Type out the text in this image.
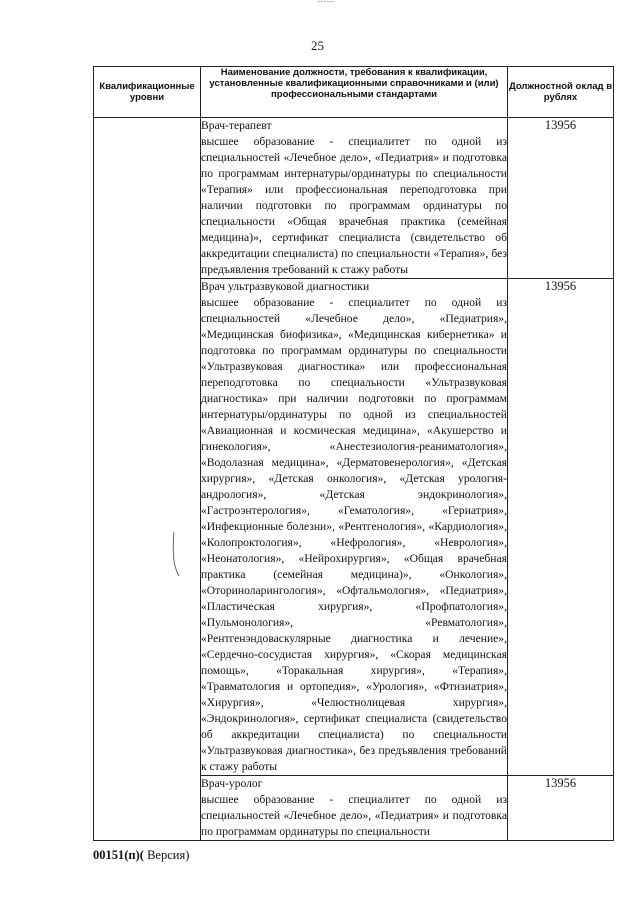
25
Квалификационные уровни	Наименование должности, требования к квалификации, установленные квалификационными справочниками и (или) профессиональными стандартами	Должностной оклад в рублях

	Врач-терапевт
высшее образование - специалитет по одной из специальностей «Лечебное дело», «Педиатрия» и подготовка по программам интернатуры/ординатуры по специальности «Терапия» или профессиональная переподготовка при наличии подготовки по программам ординатуры по специальности «Общая врачебная практика (семейная медицина)», сертификат специалиста (свидетельство об аккредитации специалиста) по специальности «Терапия», без предъявления требований к стажу работы	13956

	Врач ультразвуковой диагностики
высшее образование - специалитет по одной из специальностей «Лечебное дело», «Педиатрия», «Медицинская биофизика», «Медицинская кибернетика» и подготовка по программам ординатуры по специальности «Ультразвуковая диагностика» или профессиональная переподготовка по специальности «Ультразвуковая диагностика» при наличии подготовки по программам интернатуры/ординатуры по одной из специальностей «Авиационная и космическая медицина», «Акушерство и гинекология», «Анестезиология-реаниматология», «Водолазная медицина», «Дерматовенерология», «Детская хирургия», «Детская онкология», «Детская урология-андрология», «Детская эндокринология», «Гастроэнтерология», «Гематология», «Гериатрия», «Инфекционные болезни», «Рентгенология», «Кардиология», «Колопроктология», «Нефрология», «Неврология», «Неонатология», «Нейрохирургия», «Общая врачебная практика (семейная медицина)», «Онкология», «Оториноларингология», «Офтальмология», «Педиатрия», «Пластическая хирургия», «Профпатология», «Пульмонология», «Ревматология», «Рентгенэндоваскулярные диагностика и лечение», «Сердечно-сосудистая хирургия», «Скорая медицинская помощь», «Торакальная хирургия», «Терапия», «Травматология и ортопедия», «Урология», «Фтизиатрия», «Хирургия», «Челюстнолицевая хирургия», «Эндокринология», сертификат специалиста (свидетельство об аккредитации специалиста) по специальности «Ультразвуковая диагностика», без предъявления требований к стажу работы	13956

	Врач-уролог
высшее образование - специалитет по одной из специальностей «Лечебное дело», «Педиатрия» и подготовка по программам ординатуры по специальности	13956
00151(п)( Версия)
